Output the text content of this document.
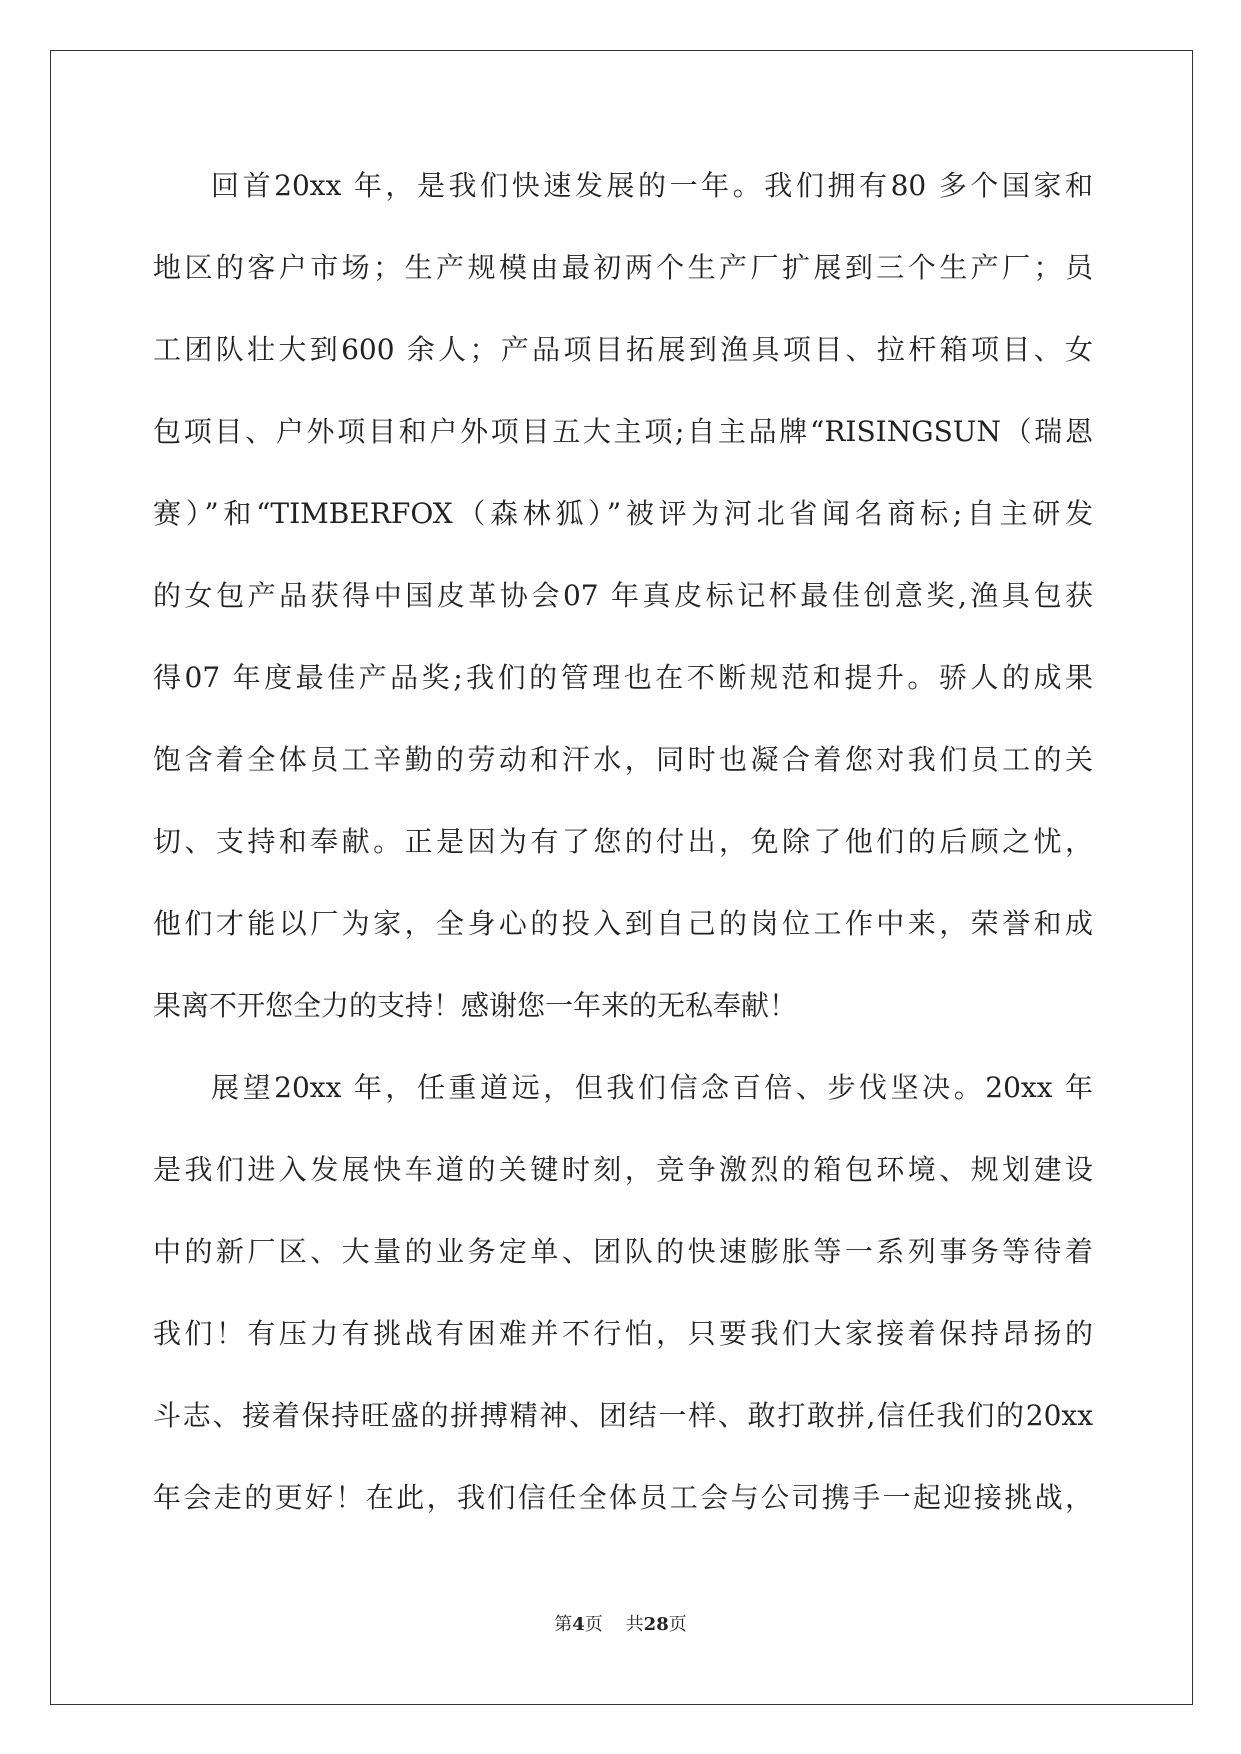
回首20xx 年，是我们快速发展的一年。我们拥有80 多个国家和
地区的客户市场；生产规模由最初两个生产厂扩展到三个生产厂；员
工团队壮大到600 余人；产品项目拓展到渔具项目、拉杆箱项目、女
包项目、户外项目和户外项目五大主项;自主品牌“RISINGSUN（瑞恩
赛）”和“TIMBERFOX（森林狐）”被评为河北省闻名商标;自主研发
的女包产品获得中国皮革协会07 年真皮标记杯最佳创意奖,渔具包获
得07 年度最佳产品奖;我们的管理也在不断规范和提升。骄人的成果
饱含着全体员工辛勤的劳动和汗水，同时也凝合着您对我们员工的关
切、支持和奉献。正是因为有了您的付出，免除了他们的后顾之忧，
他们才能以厂为家，全身心的投入到自己的岗位工作中来，荣誉和成
果离不开您全力的支持！感谢您一年来的无私奉献！
展望20xx 年，任重道远，但我们信念百倍、步伐坚决。20xx 年
是我们进入发展快车道的关键时刻，竞争激烈的箱包环境、规划建设
中的新厂区、大量的业务定单、团队的快速膨胀等一系列事务等待着
我们！有压力有挑战有困难并不行怕，只要我们大家接着保持昂扬的
斗志、接着保持旺盛的拼搏精神、团结一样、敢打敢拼,信任我们的20xx
年会走的更好！在此，我们信任全体员工会与公司携手一起迎接挑战，
第4页    共28页
